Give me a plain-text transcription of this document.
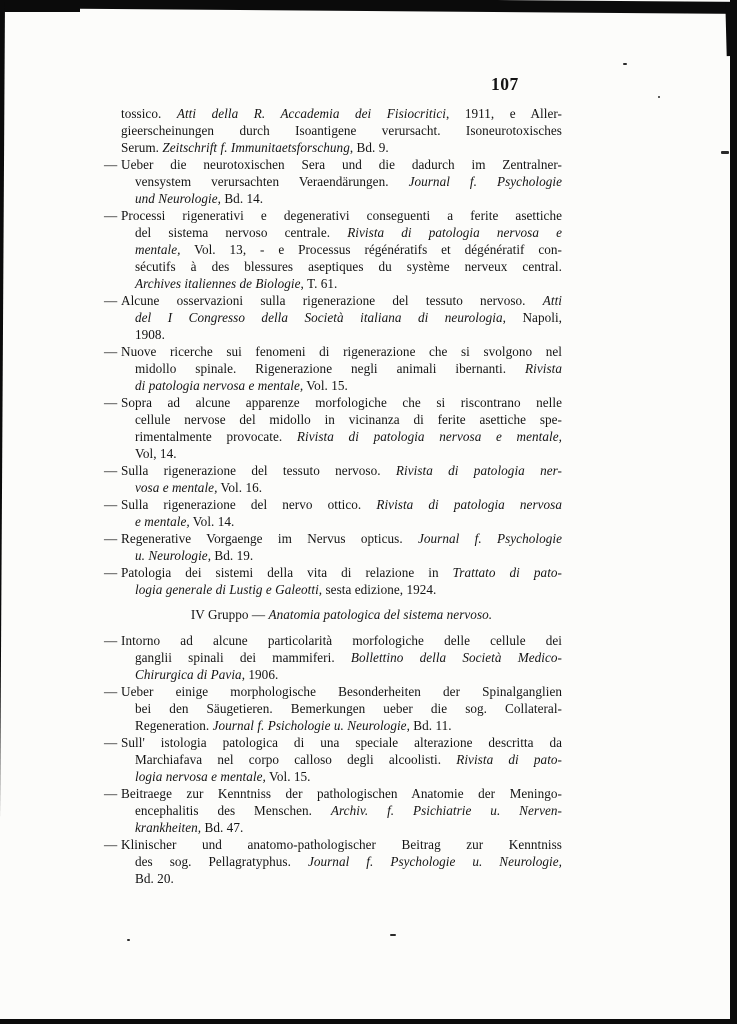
107
tossico. Atti della R. Accademia dei Fisiocritici, 1911, e Aller-
gieerscheinungen durch Isoantigene verursacht. Isoneurotoxisches
Serum. Zeitschrift f. Immunitaetsforschung, Bd. 9.
— Ueber die neurotoxischen Sera und die dadurch im Zentralner-
vensystem verursachten Veraendärungen. Journal f. Psychologie
und Neurologie, Bd. 14.
— Processi rigenerativi e degenerativi conseguenti a ferite asettiche
del sistema nervoso centrale. Rivista di patologia nervosa e
mentale, Vol. 13, - e Processus régénératifs et dégénératif con-
sécutifs à des blessures aseptiques du système nerveux central.
Archives italiennes de Biologie, T. 61.
— Alcune osservazioni sulla rigenerazione del tessuto nervoso. Atti
del I Congresso della Società italiana di neurologia, Napoli,
1908.
— Nuove ricerche sui fenomeni di rigenerazione che si svolgono nel
midollo spinale. Rigenerazione negli animali ibernanti. Rivista
di patologia nervosa e mentale, Vol. 15.
— Sopra ad alcune apparenze morfologiche che si riscontrano nelle
cellule nervose del midollo in vicinanza di ferite asettiche spe-
rimentalmente provocate. Rivista di patologia nervosa e mentale,
Vol, 14.
— Sulla rigenerazione del tessuto nervoso. Rivista di patologia ner-
vosa e mentale, Vol. 16.
— Sulla rigenerazione del nervo ottico. Rivista di patologia nervosa
e mentale, Vol. 14.
— Regenerative Vorgaenge im Nervus opticus. Journal f. Psychologie
u. Neurologie, Bd. 19.
— Patologia dei sistemi della vita di relazione in Trattato di pato-
logia generale di Lustig e Galeotti, sesta edizione, 1924.
IV Gruppo — Anatomia patologica del sistema nervoso.
— Intorno ad alcune particolarità morfologiche delle cellule dei
ganglii spinali dei mammiferi. Bollettino della Società Medico-
Chirurgica di Pavia, 1906.
— Ueber einige morphologische Besonderheiten der Spinalganglien
bei den Säugetieren. Bemerkungen ueber die sog. Collateral-
Regeneration. Journal f. Psichologie u. Neurologie, Bd. 11.
— Sull' istologia patologica di una speciale alterazione descritta da
Marchiafava nel corpo calloso degli alcoolisti. Rivista di pato-
logia nervosa e mentale, Vol. 15.
— Beitraege zur Kenntniss der pathologischen Anatomie der Meningo-
encephalitis des Menschen. Archiv. f. Psichiatrie u. Nerven-
krankheiten, Bd. 47.
— Klinischer und anatomo-pathologischer Beitrag zur Kenntniss
des sog. Pellagratyphus. Journal f. Psychologie u. Neurologie,
Bd. 20.
